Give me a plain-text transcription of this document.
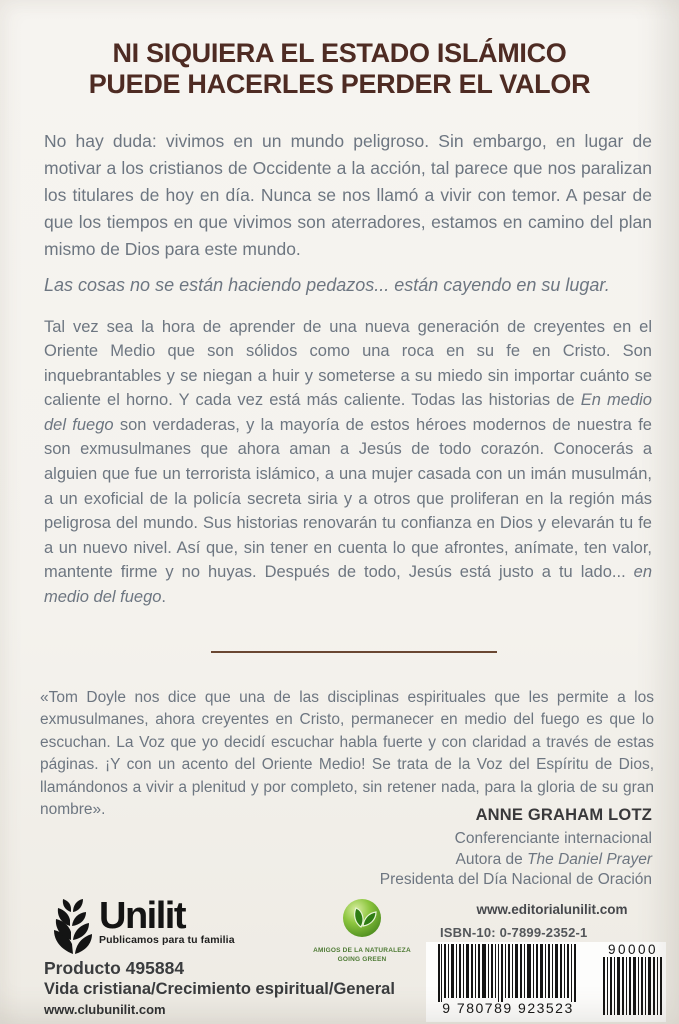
NI SIQUIERA EL ESTADO ISLÁMICO
PUEDE HACERLES PERDER EL VALOR

No hay duda: vivimos en un mundo peligroso. Sin embargo, en lugar de motivar a los cristianos de Occidente a la acción, tal parece que nos paralizan los titulares de hoy en día. Nunca se nos llamó a vivir con temor. A pesar de que los tiempos en que vivimos son aterradores, estamos en camino del plan mismo de Dios para este mundo.

Las cosas no se están haciendo pedazos... están cayendo en su lugar.

Tal vez sea la hora de aprender de una nueva generación de creyentes en el Oriente Medio que son sólidos como una roca en su fe en Cristo. Son inquebrantables y se niegan a huir y someterse a su miedo sin importar cuánto se caliente el horno. Y cada vez está más caliente. Todas las historias de En medio del fuego son verdaderas, y la mayoría de estos héroes modernos de nuestra fe son exmusulmanes que ahora aman a Jesús de todo corazón. Conocerás a alguien que fue un terrorista islámico, a una mujer casada con un imán musulmán, a un exoficial de la policía secreta siria y a otros que proliferan en la región más peligrosa del mundo. Sus historias renovarán tu confianza en Dios y elevarán tu fe a un nuevo nivel. Así que, sin tener en cuenta lo que afrontes, anímate, ten valor, mantente firme y no huyas. Después de todo, Jesús está justo a tu lado... en medio del fuego.

«Tom Doyle nos dice que una de las disciplinas espirituales que les permite a los exmusulmanes, ahora creyentes en Cristo, permanecer en medio del fuego es que lo escuchan. La Voz que yo decidí escuchar habla fuerte y con claridad a través de estas páginas. ¡Y con un acento del Oriente Medio! Se trata de la Voz del Espíritu de Dios, llamándonos a vivir a plenitud y por completo, sin retener nada, para la gloria de su gran nombre».	ANNE GRAHAM LOTZ
Conferenciante internacional
Autora de The Daniel Prayer
Presidenta del Día Nacional de Oración
Unilit
Publicamos para tu familia
Producto 495884
Vida cristiana/Crecimiento espiritual/General
www.clubunilit.com
AMIGOS DE LA NATURALEZA
GOING GREEN
www.editorialunilit.com
ISBN-10: 0-7899-2352-1
9 780789 923523
90000
